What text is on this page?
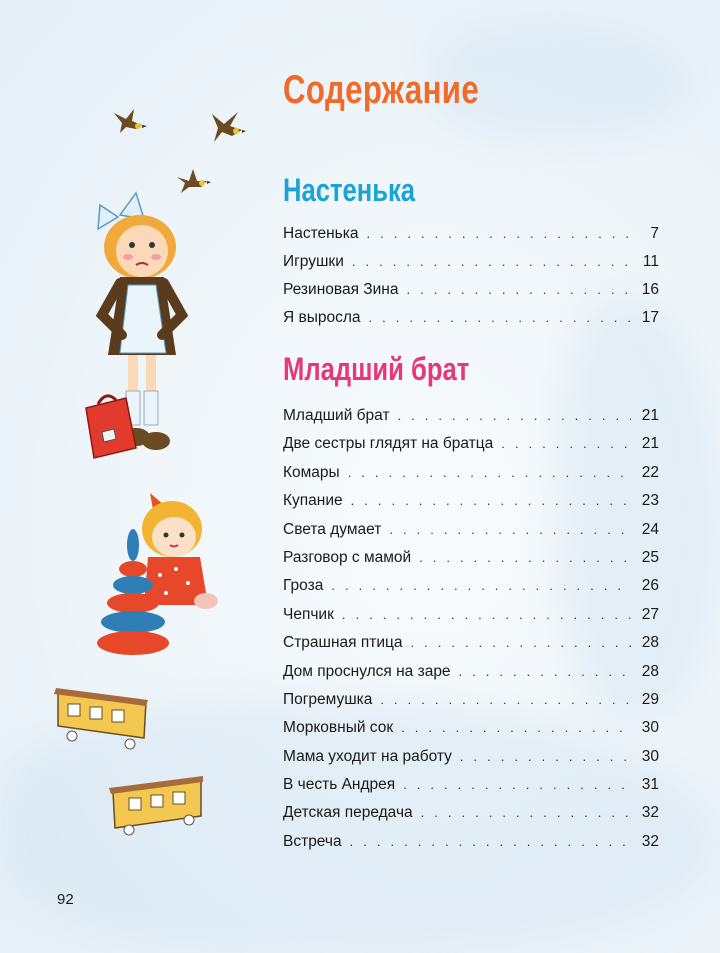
Содержание
Настенька
Настенька . . .	7
Игрушки . . .	11
Резиновая Зина . . .	16
Я выросла . . .	17
Младший брат
Младший брат . . .	21
Две сестры глядят на братца . . .	21
Комары . . .	22
Купание . . .	23
Света думает . . .	24
Разговор с мамой . . .	25
Гроза . . .	26
Чепчик . . .	27
Страшная птица . . .	28
Дом проснулся на заре . . .	28
Погремушка . . .	29
Морковный сок . . .	30
Мама уходит на работу . . .	30
В честь Андрея . . .	31
Детская передача . . .	32
Встреча . . .	32
92
